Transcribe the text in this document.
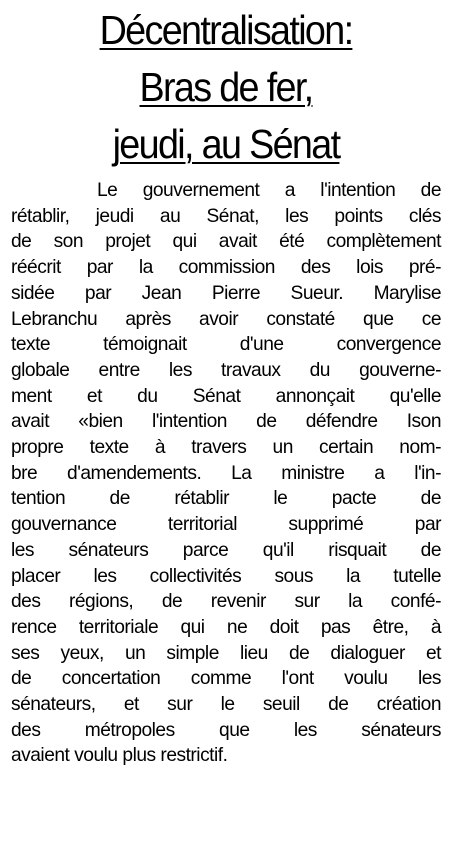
Décentralisation:
Bras de fer,
jeudi, au Sénat

Le gouvernement a l'intention de
rétablir, jeudi au Sénat, les points clés
de son projet qui avait été complètement
réécrit par la commission des lois pré-
sidée par Jean Pierre Sueur. Marylise
Lebranchu après avoir constaté que ce
texte témoignait d'une convergence
globale entre les travaux du gouverne-
ment et du Sénat annonçait qu'elle
avait «bien l'intention de défendre Ison
propre texte à travers un certain nom-
bre d'amendements. La ministre a l'in-
tention de rétablir le pacte de
gouvernance territorial supprimé par
les sénateurs parce qu'il risquait de
placer les collectivités sous la tutelle
des régions, de revenir sur la confé-
rence territoriale qui ne doit pas être, à
ses yeux, un simple lieu de dialoguer et
de concertation comme l'ont voulu les
sénateurs, et sur le seuil de création
des métropoles que les sénateurs
avaient voulu plus restrictif.
